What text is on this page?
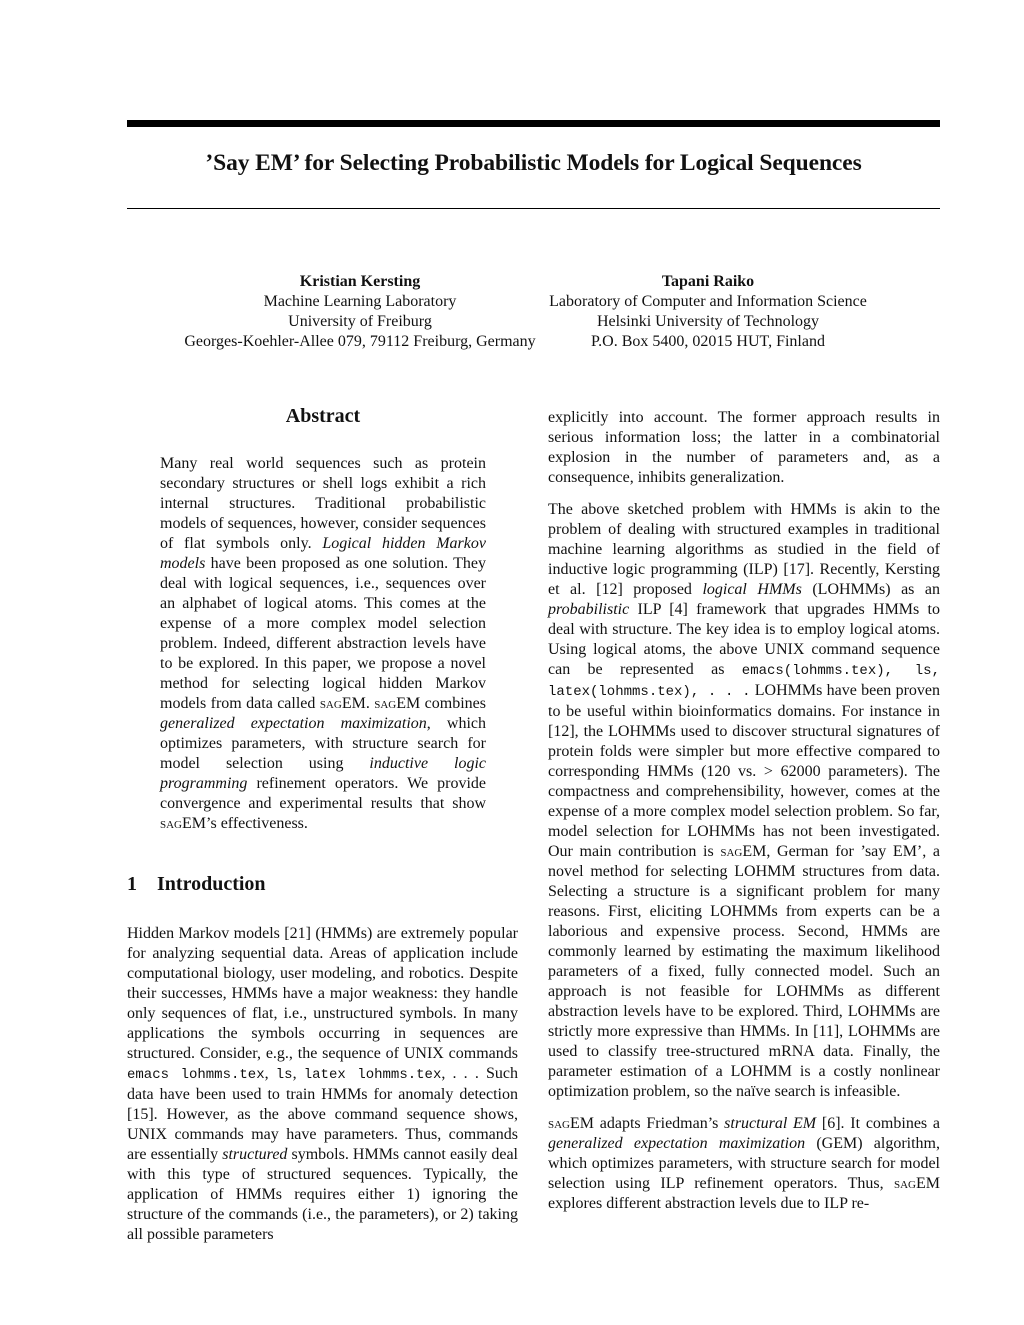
’Say EM’ for Selecting Probabilistic Models for Logical Sequences
Kristian Kersting
Machine Learning Laboratory
University of Freiburg
Georges-Koehler-Allee 079, 79112 Freiburg, Germany
Tapani Raiko
Laboratory of Computer and Information Science
Helsinki University of Technology
P.O. Box 5400, 02015 HUT, Finland

Abstract

Many real world sequences such as protein secondary structures or shell logs exhibit a rich internal structures. Traditional probabilistic models of sequences, however, consider sequences of flat symbols only. Logical hidden Markov models have been proposed as one solution. They deal with logical sequences, i.e., sequences over an alphabet of logical atoms. This comes at the expense of a more complex model selection problem. Indeed, different abstraction levels have to be explored. In this paper, we propose a novel method for selecting logical hidden Markov models from data called sagEM. sagEM combines generalized expectation maximization, which optimizes parameters, with structure search for model selection using inductive logic programming refinement operators. We provide convergence and experimental results that show sagEM’s effectiveness.

1 Introduction

Hidden Markov models [21] (HMMs) are extremely popular for analyzing sequential data. Areas of application include computational biology, user modeling, and robotics. Despite their successes, HMMs have a major weakness: they handle only sequences of flat, i.e., unstructured symbols. In many applications the symbols occurring in sequences are structured. Consider, e.g., the sequence of UNIX commands emacs lohmms.tex, ls, latex lohmms.tex, . . . Such data have been used to train HMMs for anomaly detection [15]. However, as the above command sequence shows, UNIX commands may have parameters. Thus, commands are essentially structured symbols. HMMs cannot easily deal with this type of structured sequences. Typically, the application of HMMs requires either 1) ignoring the structure of the commands (i.e., the parameters), or 2) taking all possible parameters

explicitly into account. The former approach results in serious information loss; the latter in a combinatorial explosion in the number of parameters and, as a consequence, inhibits generalization.

The above sketched problem with HMMs is akin to the problem of dealing with structured examples in traditional machine learning algorithms as studied in the field of inductive logic programming (ILP) [17]. Recently, Kersting et al. [12] proposed logical HMMs (LOHMMs) as an probabilistic ILP [4] framework that upgrades HMMs to deal with structure. The key idea is to employ logical atoms. Using logical atoms, the above UNIX command sequence can be represented as emacs(lohmms.tex), ls, latex(lohmms.tex), . . . LOHMMs have been proven to be useful within bioinformatics domains. For instance in [12], the LOHMMs used to discover structural signatures of protein folds were simpler but more effective compared to corresponding HMMs (120 vs. > 62000 parameters). The compactness and comprehensibility, however, comes at the expense of a more complex model selection problem. So far, model selection for LOHMMs has not been investigated. Our main contribution is sagEM, German for ’say EM’, a novel method for selecting LOHMM structures from data. Selecting a structure is a significant problem for many reasons. First, eliciting LOHMMs from experts can be a laborious and expensive process. Second, HMMs are commonly learned by estimating the maximum likelihood parameters of a fixed, fully connected model. Such an approach is not feasible for LOHMMs as different abstraction levels have to be explored. Third, LOHMMs are strictly more expressive than HMMs. In [11], LOHMMs are used to classify tree-structured mRNA data. Finally, the parameter estimation of a LOHMM is a costly nonlinear optimization problem, so the naïve search is infeasible.

sagEM adapts Friedman’s structural EM [6]. It combines a generalized expectation maximization (GEM) algorithm, which optimizes parameters, with structure search for model selection using ILP refinement operators. Thus, sagEM explores different abstraction levels due to ILP re-
